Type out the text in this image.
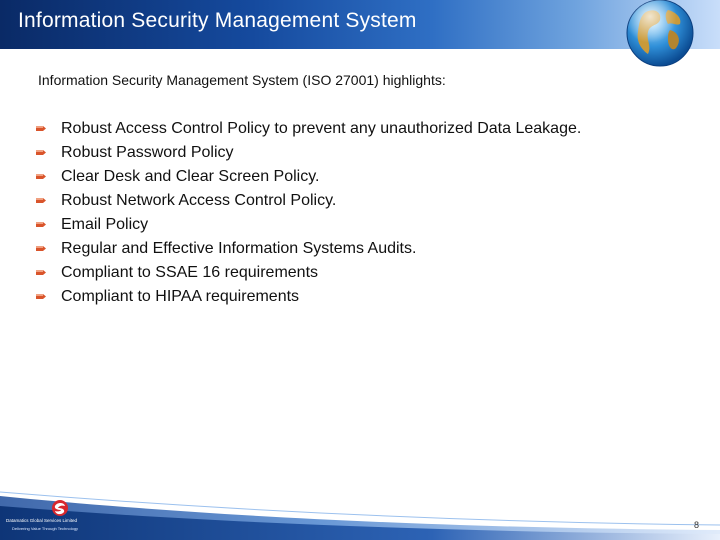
Information Security Management System
Information Security Management System (ISO 27001) highlights:
Robust Access Control Policy to prevent any unauthorized Data Leakage.
Robust Password Policy
Clear Desk and Clear Screen Policy.
Robust Network Access Control Policy.
Email Policy
Regular and Effective Information Systems Audits.
Compliant to SSAE 16 requirements
Compliant to HIPAA requirements
Datamatics Global Services Limited
Delivering Value Through Technology	8
